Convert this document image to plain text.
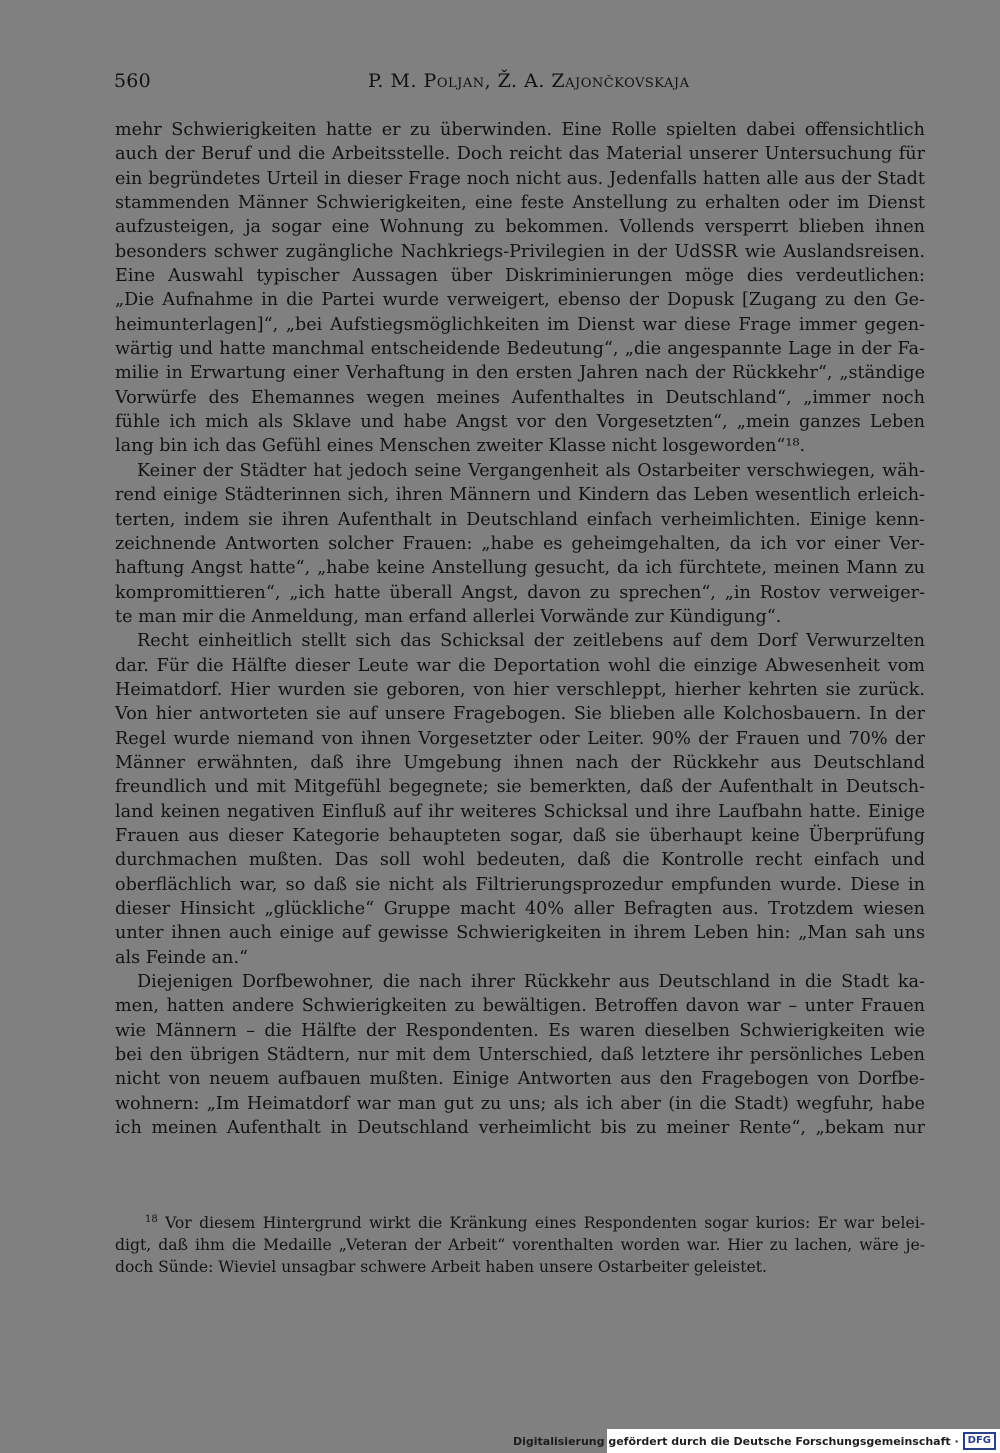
560	P. M. Poljan, Ž. A. Zajončkovskaja
mehr Schwierigkeiten hatte er zu überwinden. Eine Rolle spielten dabei offensichtlich
auch der Beruf und die Arbeitsstelle. Doch reicht das Material unserer Untersuchung für
ein begründetes Urteil in dieser Frage noch nicht aus. Jedenfalls hatten alle aus der Stadt
stammenden Männer Schwierigkeiten, eine feste Anstellung zu erhalten oder im Dienst
aufzusteigen, ja sogar eine Wohnung zu bekommen. Vollends versperrt blieben ihnen
besonders schwer zugängliche Nachkriegs-Privilegien in der UdSSR wie Auslandsreisen.
Eine Auswahl typischer Aussagen über Diskriminierungen möge dies verdeutlichen:
„Die Aufnahme in die Partei wurde verweigert, ebenso der Dopusk [Zugang zu den Ge-
heimunterlagen]“, „bei Aufstiegsmöglichkeiten im Dienst war diese Frage immer gegen-
wärtig und hatte manchmal entscheidende Bedeutung“, „die angespannte Lage in der Fa-
milie in Erwartung einer Verhaftung in den ersten Jahren nach der Rückkehr“, „ständige
Vorwürfe des Ehemannes wegen meines Aufenthaltes in Deutschland“, „immer noch
fühle ich mich als Sklave und habe Angst vor den Vorgesetzten“, „mein ganzes Leben
lang bin ich das Gefühl eines Menschen zweiter Klasse nicht losgeworden“¹⁸.
Keiner der Städter hat jedoch seine Vergangenheit als Ostarbeiter verschwiegen, wäh-
rend einige Städterinnen sich, ihren Männern und Kindern das Leben wesentlich erleich-
terten, indem sie ihren Aufenthalt in Deutschland einfach verheimlichten. Einige kenn-
zeichnende Antworten solcher Frauen: „habe es geheimgehalten, da ich vor einer Ver-
haftung Angst hatte“, „habe keine Anstellung gesucht, da ich fürchtete, meinen Mann zu
kompromittieren“, „ich hatte überall Angst, davon zu sprechen“, „in Rostov verweiger-
te man mir die Anmeldung, man erfand allerlei Vorwände zur Kündigung“.
Recht einheitlich stellt sich das Schicksal der zeitlebens auf dem Dorf Verwurzelten
dar. Für die Hälfte dieser Leute war die Deportation wohl die einzige Abwesenheit vom
Heimatdorf. Hier wurden sie geboren, von hier verschleppt, hierher kehrten sie zurück.
Von hier antworteten sie auf unsere Fragebogen. Sie blieben alle Kolchosbauern. In der
Regel wurde niemand von ihnen Vorgesetzter oder Leiter. 90% der Frauen und 70% der
Männer erwähnten, daß ihre Umgebung ihnen nach der Rückkehr aus Deutschland
freundlich und mit Mitgefühl begegnete; sie bemerkten, daß der Aufenthalt in Deutsch-
land keinen negativen Einfluß auf ihr weiteres Schicksal und ihre Laufbahn hatte. Einige
Frauen aus dieser Kategorie behaupteten sogar, daß sie überhaupt keine Überprüfung
durchmachen mußten. Das soll wohl bedeuten, daß die Kontrolle recht einfach und
oberflächlich war, so daß sie nicht als Filtrierungsprozedur empfunden wurde. Diese in
dieser Hinsicht „glückliche“ Gruppe macht 40% aller Befragten aus. Trotzdem wiesen
unter ihnen auch einige auf gewisse Schwierigkeiten in ihrem Leben hin: „Man sah uns
als Feinde an.“
Diejenigen Dorfbewohner, die nach ihrer Rückkehr aus Deutschland in die Stadt ka-
men, hatten andere Schwierigkeiten zu bewältigen. Betroffen davon war – unter Frauen
wie Männern – die Hälfte der Respondenten. Es waren dieselben Schwierigkeiten wie
bei den übrigen Städtern, nur mit dem Unterschied, daß letztere ihr persönliches Leben
nicht von neuem aufbauen mußten. Einige Antworten aus den Fragebogen von Dorfbe-
wohnern: „Im Heimatdorf war man gut zu uns; als ich aber (in die Stadt) wegfuhr, habe
ich meinen Aufenthalt in Deutschland verheimlicht bis zu meiner Rente“, „bekam nur
$^{18}$ Vor diesem Hintergrund wirkt die Kränkung eines Respondenten sogar kurios: Er war belei-
digt, daß ihm die Medaille „Veteran der Arbeit“ vorenthalten worden war. Hier zu lachen, wäre je-
doch Sünde: Wieviel unsagbar schwere Arbeit haben unsere Ostarbeiter geleistet.
Digitalisierung gefördert durch die Deutsche Forschungsgemeinschaft · DFG
